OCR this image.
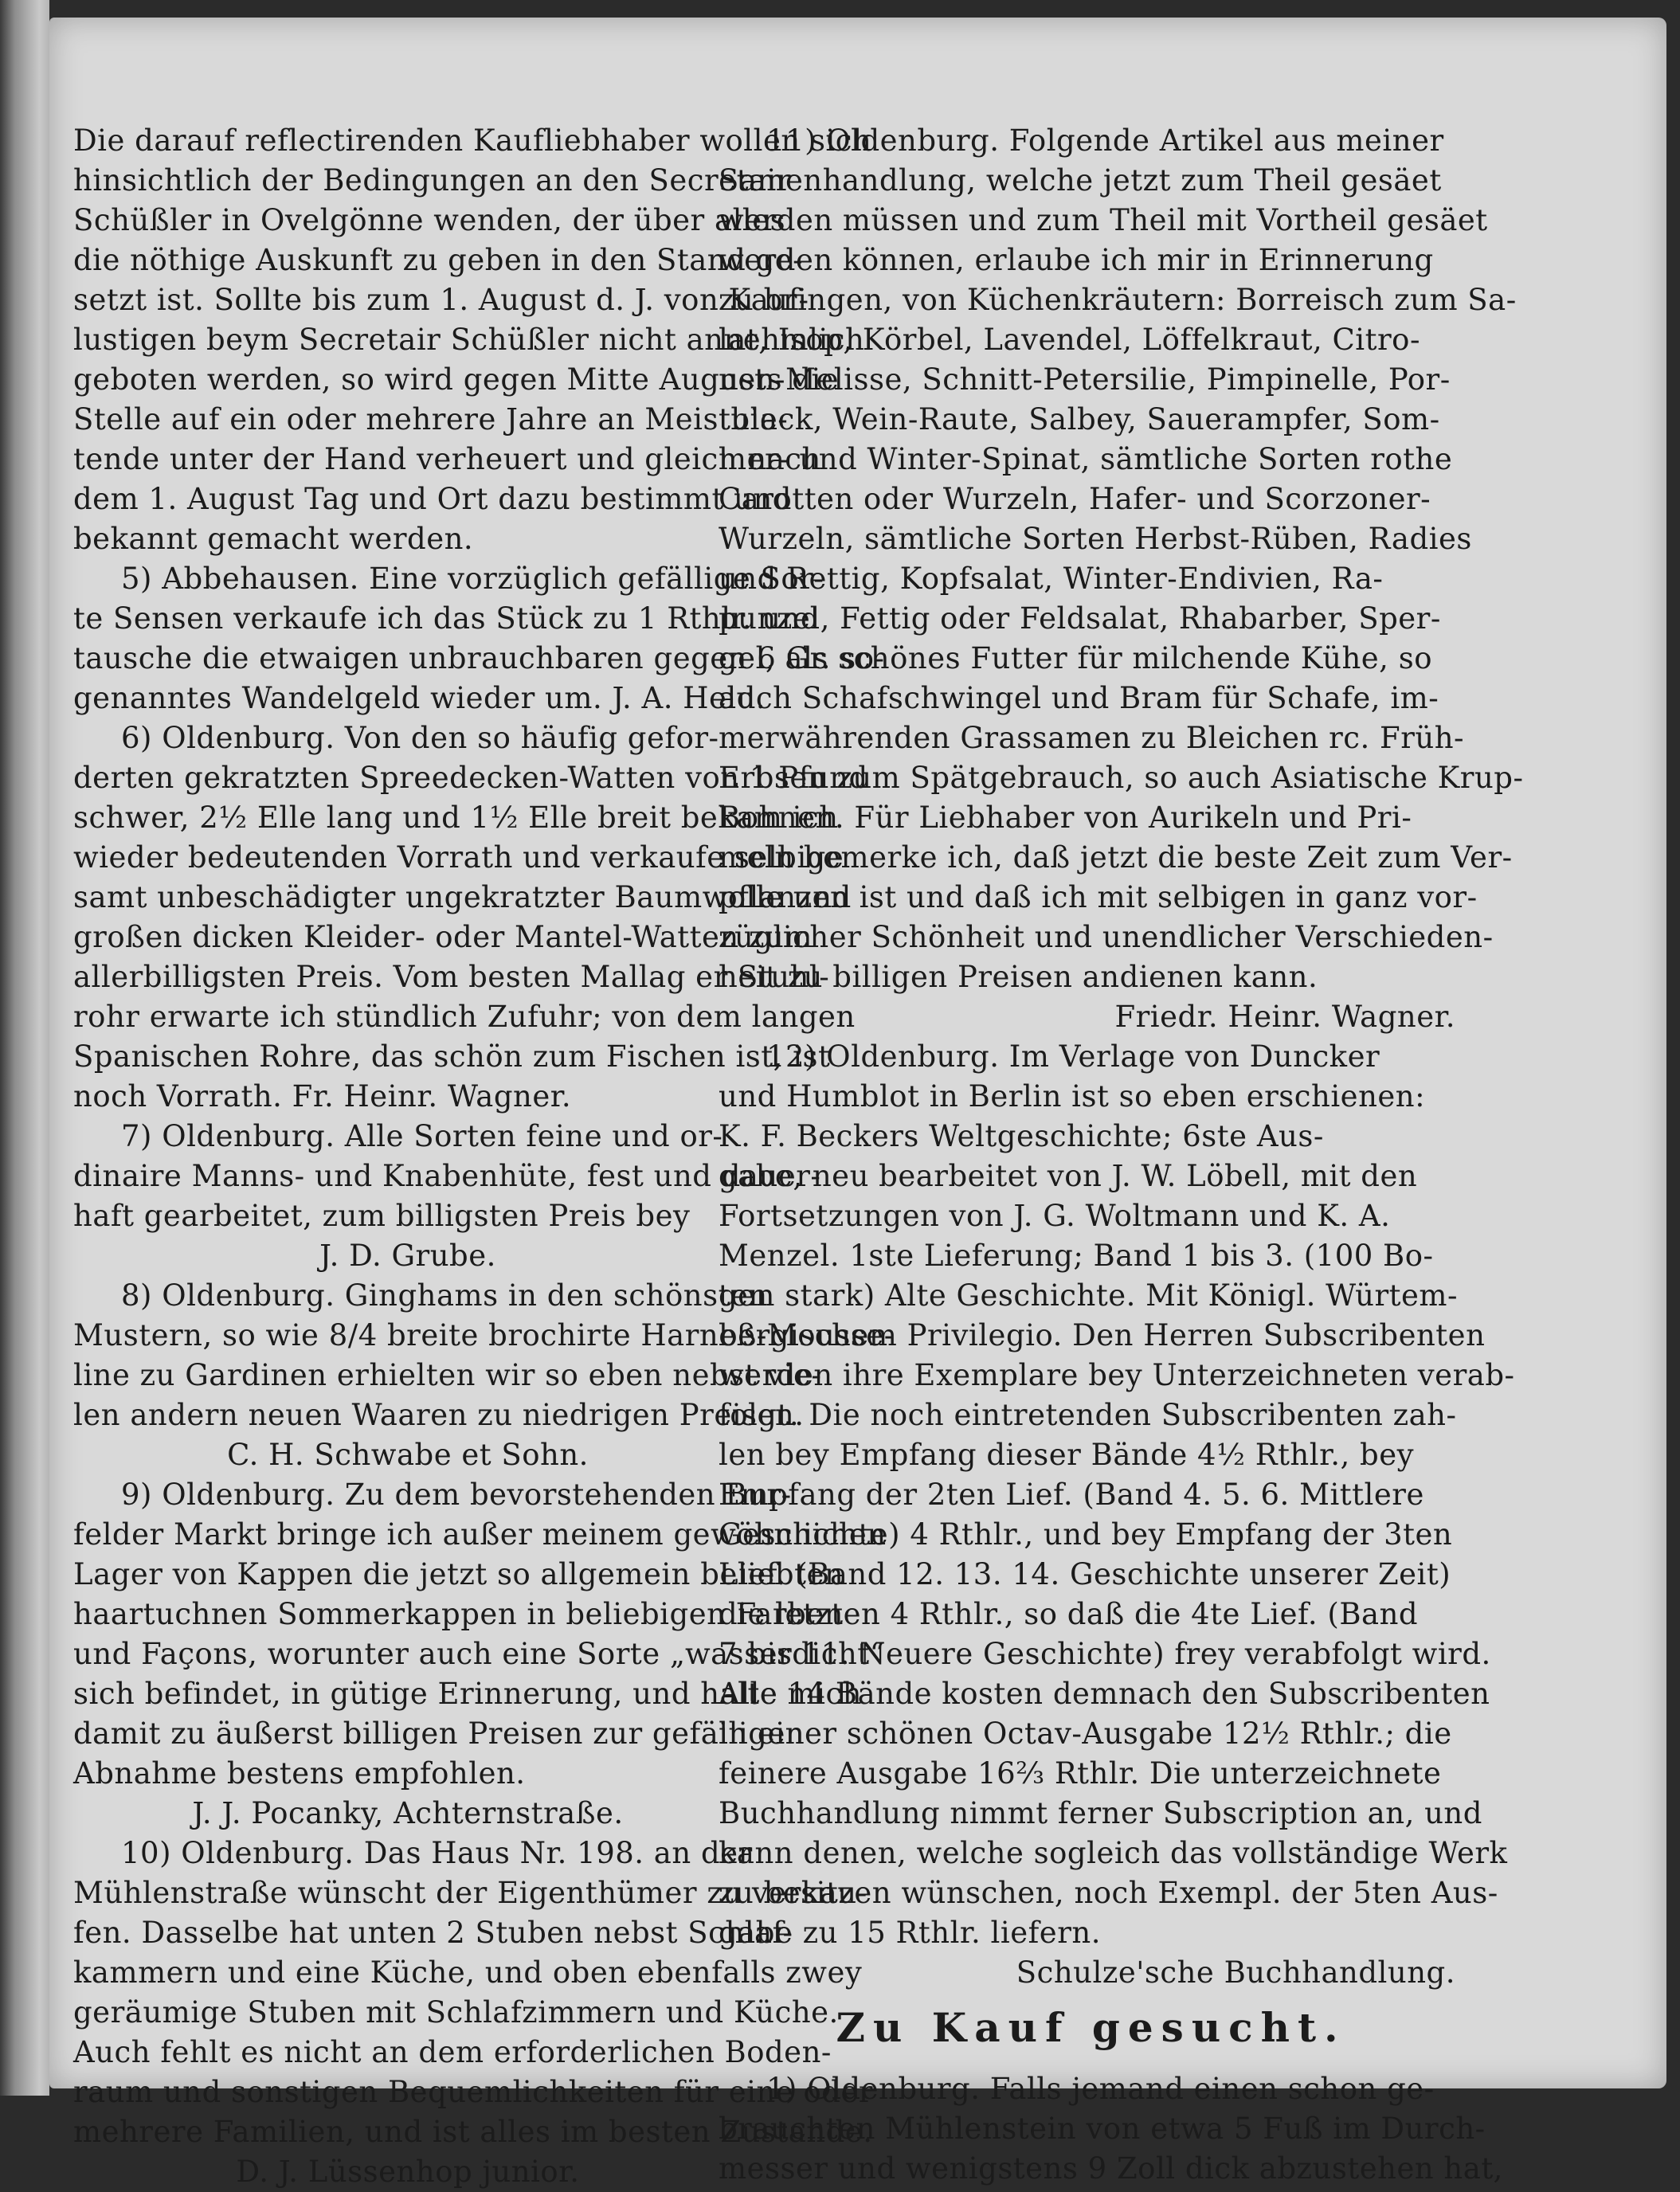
Die darauf reflectirenden Kaufliebhaber wollen sich
hinsichtlich der Bedingungen an den Secretair
Schüßler in Ovelgönne wenden, der über alles
die nöthige Auskunft zu geben in den Stand ge-
setzt ist. Sollte bis zum 1. August d. J. von Kauf-
lustigen beym Secretair Schüßler nicht annehmlich
geboten werden, so wird gegen Mitte Augusts die
Stelle auf ein oder mehrere Jahre an Meistbie-
tende unter der Hand verheuert und gleich nach
dem 1. August Tag und Ort dazu bestimmt und
bekannt gemacht werden.
5) Abbehausen. Eine vorzüglich gefällige Sor-
te Sensen verkaufe ich das Stück zu 1 Rthlr. und
tausche die etwaigen unbrauchbaren gegen 6 Gr. so-
genanntes Wandelgeld wieder um. J. A. Held.
6) Oldenburg. Von den so häufig gefor-
derten gekratzten Spreedecken-Watten von 1 Pfund
schwer, 2½ Elle lang und 1½ Elle breit bekam ich
wieder bedeutenden Vorrath und verkaufe selbige
samt unbeschädigter ungekratzter Baumwolle und
großen dicken Kleider- oder Mantel-Watten zum
allerbilligsten Preis. Vom besten Mallag er Stuhl-
rohr erwarte ich stündlich Zufuhr; von dem langen
Spanischen Rohre, das schön zum Fischen ist, ist
noch Vorrath. Fr. Heinr. Wagner.
7) Oldenburg. Alle Sorten feine und or-
dinaire Manns- und Knabenhüte, fest und dauer-
haft gearbeitet, zum billigsten Preis bey
J. D. Grube.
8) Oldenburg. Ginghams in den schönsten
Mustern, so wie 8/4 breite brochirte Harneß-Mousse-
line zu Gardinen erhielten wir so eben nebst vie-
len andern neuen Waaren zu niedrigen Preisen.
C. H. Schwabe et Sohn.
9) Oldenburg. Zu dem bevorstehenden Bur-
felder Markt bringe ich außer meinem gewöhnlichen
Lager von Kappen die jetzt so allgemein beliebten
haartuchnen Sommerkappen in beliebigen Farben
und Façons, worunter auch eine Sorte „wasserdicht“
sich befindet, in gütige Erinnerung, und halte mich
damit zu äußerst billigen Preisen zur gefälligen
Abnahme bestens empfohlen.
J. J. Pocanky, Achternstraße.
10) Oldenburg. Das Haus Nr. 198. an der
Mühlenstraße wünscht der Eigenthümer zu verkau-
fen. Dasselbe hat unten 2 Stuben nebst Schlaf-
kammern und eine Küche, und oben ebenfalls zwey
geräumige Stuben mit Schlafzimmern und Küche.
Auch fehlt es nicht an dem erforderlichen Boden-
raum und sonstigen Bequemlichkeiten für eine oder
mehrere Familien, und ist alles im besten Zustande.
D. J. Lüssenhop junior.
11) Oldenburg. Folgende Artikel aus meiner
Samenhandlung, welche jetzt zum Theil gesäet
werden müssen und zum Theil mit Vortheil gesäet
werden können, erlaube ich mir in Erinnerung
zu bringen, von Küchenkräutern: Borreisch zum Sa-
lat, Isop, Körbel, Lavendel, Löffelkraut, Citro-
nen-Melisse, Schnitt-Petersilie, Pimpinelle, Por-
tulack, Wein-Raute, Salbey, Sauerampfer, Som-
mer- und Winter-Spinat, sämtliche Sorten rothe
Carotten oder Wurzeln, Hafer- und Scorzoner-
Wurzeln, sämtliche Sorten Herbst-Rüben, Radies
und Rettig, Kopfsalat, Winter-Endivien, Ra-
punzel, Fettig oder Feldsalat, Rhabarber, Sper-
gel, als schönes Futter für milchende Kühe, so
auch Schafschwingel und Bram für Schafe, im-
merwährenden Grassamen zu Bleichen rc. Früh-
Erbsen zum Spätgebrauch, so auch Asiatische Krup-
Bohnen. Für Liebhaber von Aurikeln und Pri-
meln bemerke ich, daß jetzt die beste Zeit zum Ver-
pflanzen ist und daß ich mit selbigen in ganz vor-
züglicher Schönheit und unendlicher Verschieden-
heit zu billigen Preisen andienen kann.
Friedr. Heinr. Wagner.
12) Oldenburg. Im Verlage von Duncker
und Humblot in Berlin ist so eben erschienen:
K. F. Beckers Weltgeschichte; 6ste Aus-
gabe, neu bearbeitet von J. W. Löbell, mit den
Fortsetzungen von J. G. Woltmann und K. A.
Menzel. 1ste Lieferung; Band 1 bis 3. (100 Bo-
gen stark) Alte Geschichte. Mit Königl. Würtem-
bergischem Privilegio. Den Herren Subscribenten
werden ihre Exemplare bey Unterzeichneten verab-
folgt. Die noch eintretenden Subscribenten zah-
len bey Empfang dieser Bände 4½ Rthlr., bey
Empfang der 2ten Lief. (Band 4. 5. 6. Mittlere
Geschichte) 4 Rthlr., und bey Empfang der 3ten
Lief. (Band 12. 13. 14. Geschichte unserer Zeit)
die letzten 4 Rthlr., so daß die 4te Lief. (Band
7 bis 11. Neuere Geschichte) frey verabfolgt wird.
Alle 14 Bände kosten demnach den Subscribenten
in einer schönen Octav-Ausgabe 12½ Rthlr.; die
feinere Ausgabe 16⅔ Rthlr. Die unterzeichnete
Buchhandlung nimmt ferner Subscription an, und
kann denen, welche sogleich das vollständige Werk
zu besitzen wünschen, noch Exempl. der 5ten Aus-
gabe zu 15 Rthlr. liefern.
Schulze'sche Buchhandlung.
Zu Kauf gesucht.
1) Oldenburg. Falls jemand einen schon ge-
brauchten Mühlenstein von etwa 5 Fuß im Durch-
messer und wenigstens 9 Zoll dick abzustehen hat,
